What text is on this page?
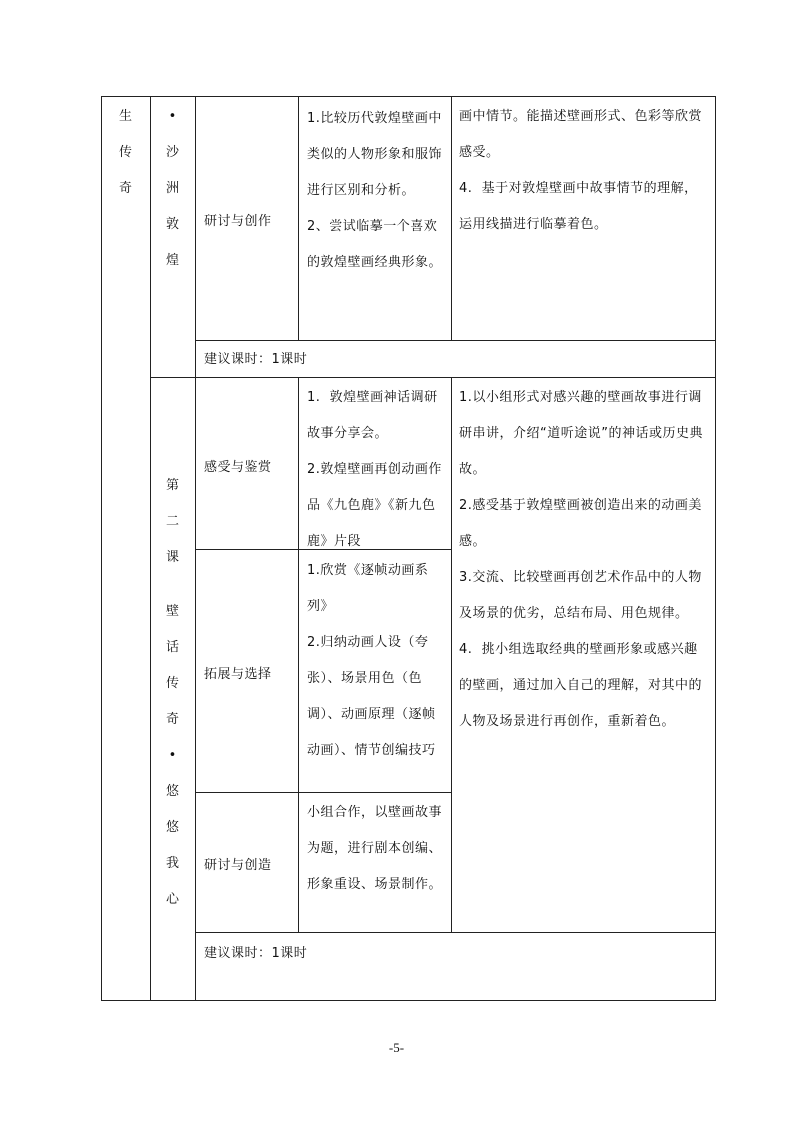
生
传
奇
•
沙
洲
敦
煌
研讨与创作
1.比较历代敦煌壁画中类似的人物形象和服饰进行区别和分析。
2、尝试临摹一个喜欢的敦煌壁画经典形象。
画中情节。能描述壁画形式、色彩等欣赏感受。
4.  基于对敦煌壁画中故事情节的理解，运用线描进行临摹着色。
建议课时：1课时
第
二
课
壁
话
传
奇
•
悠
悠
我
心
感受与鉴赏
1.  敦煌壁画神话调研故事分享会。
2.敦煌壁画再创动画作品《九色鹿》《新九色鹿》片段
拓展与选择
1.欣赏《逐帧动画系列》
2.归纳动画人设（夸张）、场景用色（色调）、动画原理（逐帧动画）、情节创编技巧
研讨与创造
小组合作，以壁画故事为题，进行剧本创编、形象重设、场景制作。
1.以小组形式对感兴趣的壁画故事进行调研串讲，介绍“道听途说”的神话或历史典故。
2.感受基于敦煌壁画被创造出来的动画美感。
3.交流、比较壁画再创艺术作品中的人物及场景的优劣，总结布局、用色规律。
4.  挑小组选取经典的壁画形象或感兴趣的壁画，通过加入自己的理解，对其中的人物及场景进行再创作，重新着色。
建议课时：1课时
-5-
